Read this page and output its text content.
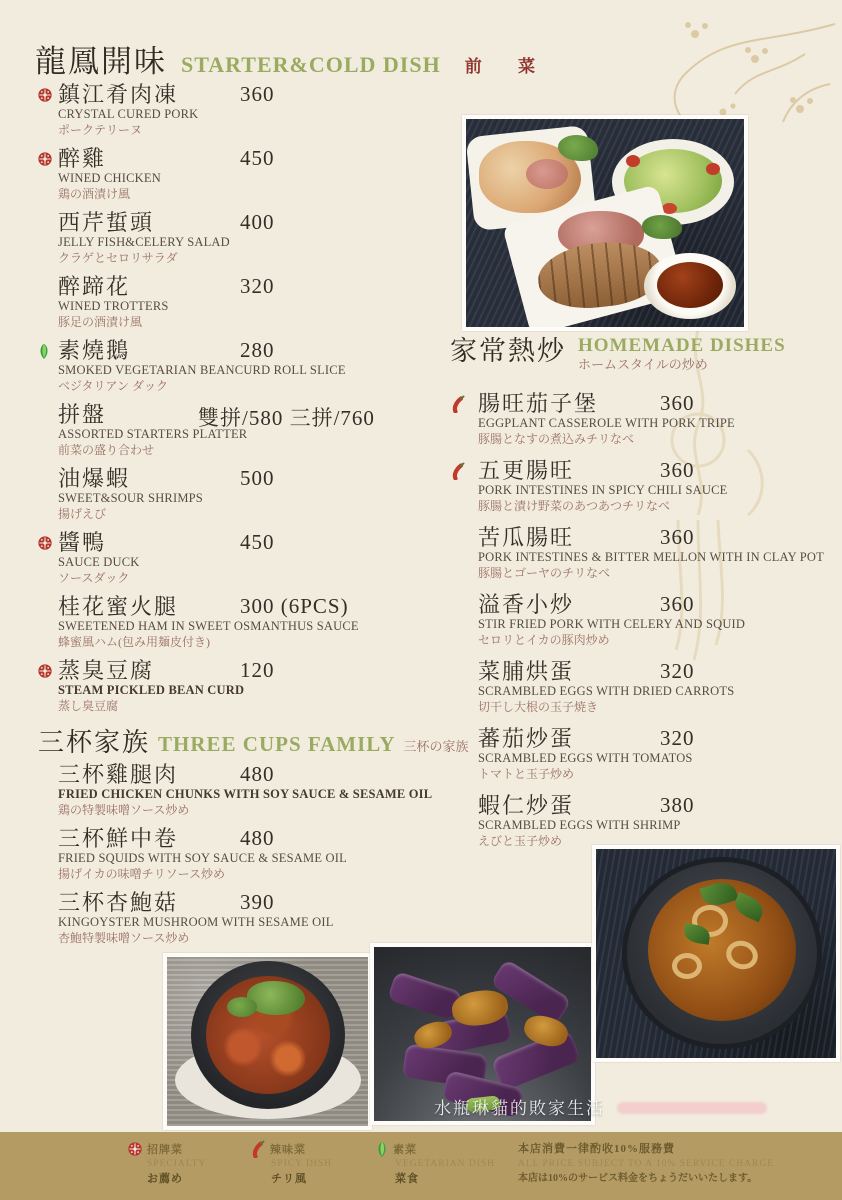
龍鳳開味 STARTER&COLD DISH 前 菜
鎮江肴肉凍	360
CRYSTAL CURED PORK
ポークテリーヌ
醉雞	450
WINED CHICKEN
鶏の酒漬け風
西芹蜇頭	400
JELLY FISH&CELERY SALAD
クラゲとセロリサラダ
醉蹄花	320
WINED TROTTERS
豚足の酒漬け風
素燒鵝	280
SMOKED VEGETARIAN BEANCURD ROLL SLICE
ベジタリアン ダック
拼盤	雙拼/580 三拼/760
ASSORTED STARTERS PLATTER
前菜の盛り合わせ
油爆蝦	500
SWEET&SOUR SHRIMPS
揚げえび
醬鴨	450
SAUCE DUCK
ソースダック
桂花蜜火腿	300 (6PCS)
SWEETENED HAM IN SWEET OSMANTHUS SAUCE
蜂蜜風ハム(包み用麺皮付き)
蒸臭豆腐	120
STEAM PICKLED BEAN CURD
蒸し臭豆腐
三杯家族 THREE CUPS FAMILY 三杯の家族
三杯雞腿肉	480
FRIED CHICKEN CHUNKS WITH SOY SAUCE & SESAME OIL
鶏の特製味噌ソース炒め
三杯鮮中卷	480
FRIED SQUIDS WITH SOY SAUCE & SESAME OIL
揚げイカの味噌チリソース炒め
三杯杏鮑菇	390
KINGOYSTER MUSHROOM WITH SESAME OIL
杏鮑特製味噌ソース炒め
家常熱炒 HOMEMADE DISHES
ホームスタイルの炒め
腸旺茄子堡	360
EGGPLANT CASSEROLE WITH PORK TRIPE
豚腸となすの煮込みチリなべ
五更腸旺	360
PORK INTESTINES IN SPICY CHILI SAUCE
豚腸と漬け野菜のあつあつチリなべ
苦瓜腸旺	360
PORK INTESTINES & BITTER MELLON WITH IN CLAY POT
豚腸とゴーヤのチリなべ
溢香小炒	360
STIR FRIED PORK WITH CELERY AND SQUID
セロリとイカの豚肉炒め
菜脯烘蛋	320
SCRAMBLED EGGS WITH DRIED CARROTS
切干し大根の玉子焼き
蕃茄炒蛋	320
SCRAMBLED EGGS WITH TOMATOS
トマトと玉子炒め
蝦仁炒蛋	380
SCRAMBLED EGGS WITH SHRIMP
えびと玉子炒め
水瓶琳貓的敗家生活
招牌菜
SPECIALTY
お薦め
辣味菜
SPICY DISH
チリ風
素菜
VEGETARIAN DISH
菜食
本店消費一律酌收10%服務費
ALL PRICE SUBJECT TO A 10% SERVICE CHARGE
本店は10%のサービス料金をちょうだいいたします。
